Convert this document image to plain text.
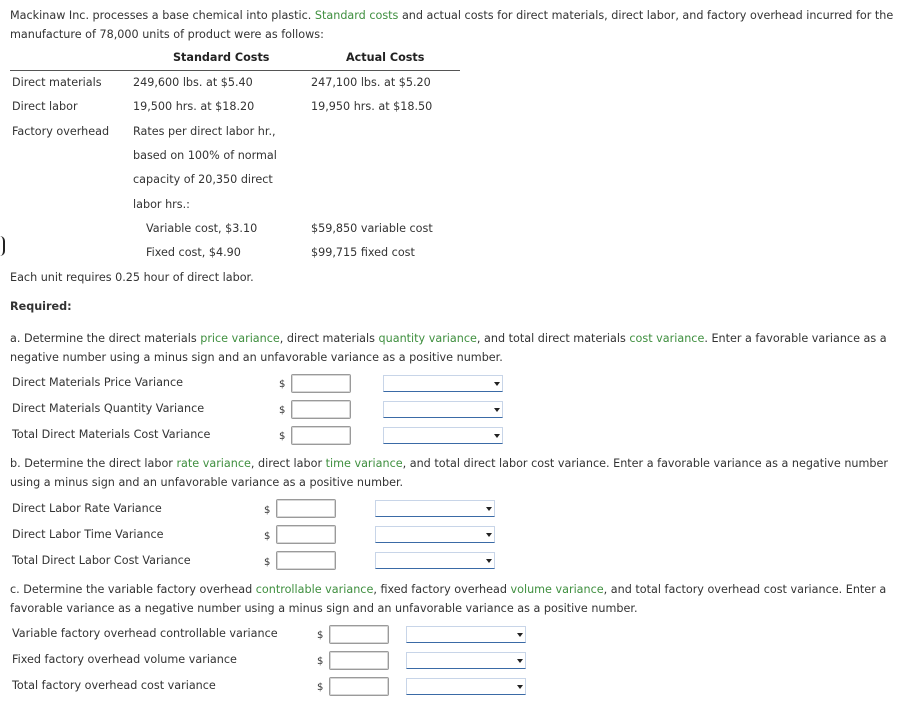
Mackinaw Inc. processes a base chemical into plastic. Standard costs and actual costs for direct materials, direct labor, and factory overhead incurred for the manufacture of 78,000 units of product were as follows:
Standard Costs	Actual Costs
Direct materials	249,600 lbs. at $5.40	247,100 lbs. at $5.20
Direct labor	19,500 hrs. at $18.20	19,950 hrs. at $18.50
Factory overhead Rates per direct labor hr.,
based on 100% of normal
capacity of 20,350 direct
labor hrs.:
Variable cost, $3.10	$59,850 variable cost
Fixed cost, $4.90	$99,715 fixed cost
Each unit requires 0.25 hour of direct labor.
Required:
a. Determine the direct materials price variance, direct materials quantity variance, and total direct materials cost variance. Enter a favorable variance as a negative number using a minus sign and an unfavorable variance as a positive number.
Direct Materials Price Variance	$
Direct Materials Quantity Variance	$
Total Direct Materials Cost Variance	$
b. Determine the direct labor rate variance, direct labor time variance, and total direct labor cost variance. Enter a favorable variance as a negative number using a minus sign and an unfavorable variance as a positive number.
Direct Labor Rate Variance	$
Direct Labor Time Variance	$
Total Direct Labor Cost Variance	$
c. Determine the variable factory overhead controllable variance, fixed factory overhead volume variance, and total factory overhead cost variance. Enter a favorable variance as a negative number using a minus sign and an unfavorable variance as a positive number.
Variable factory overhead controllable variance	$
Fixed factory overhead volume variance	$
Total factory overhead cost variance	$
